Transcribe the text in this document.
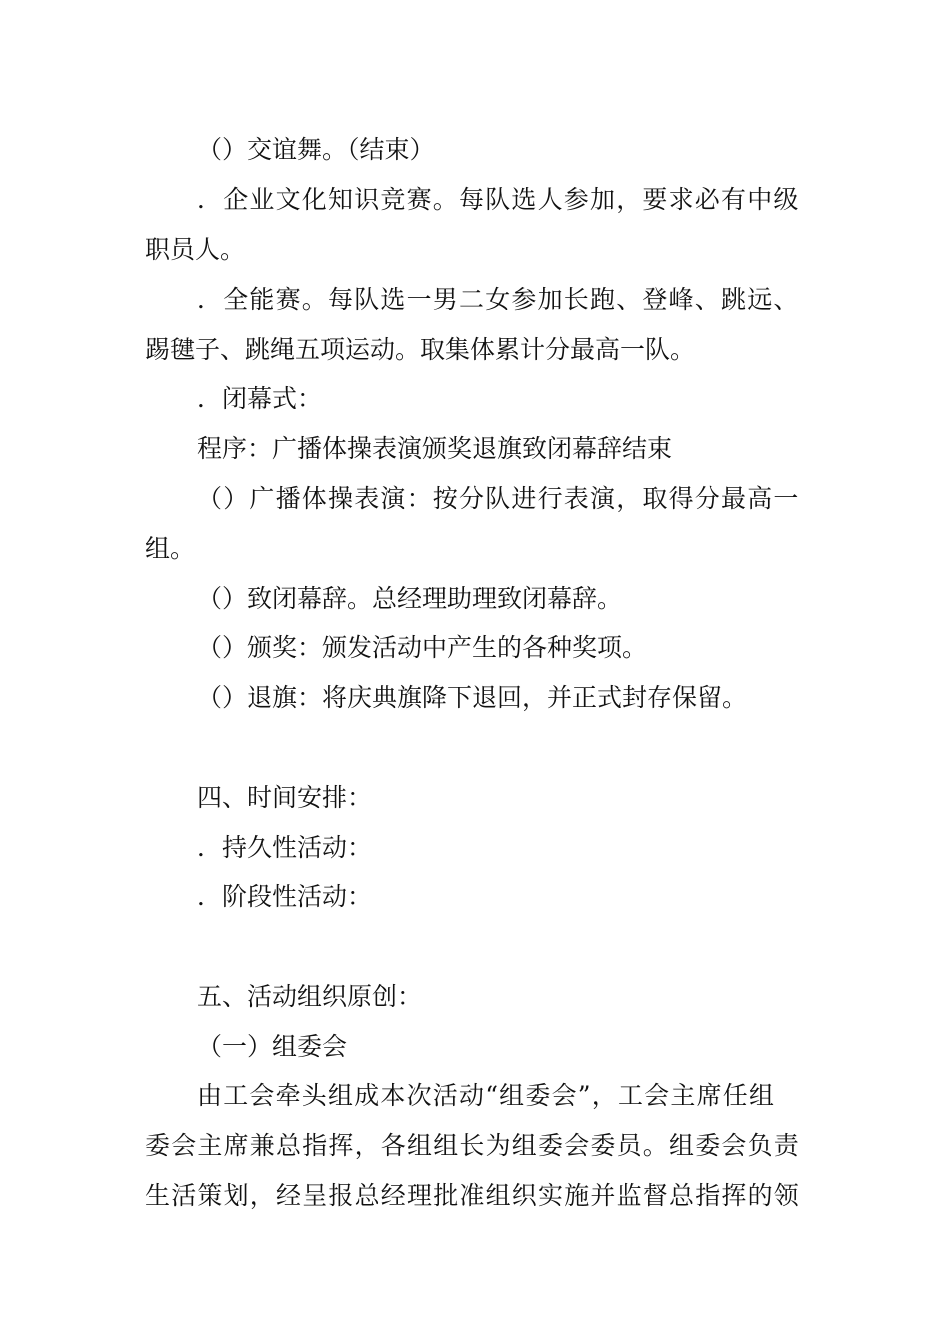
（）交谊舞。（结束）
．企业文化知识竞赛。每队选人参加，要求必有中级
职员人。
．全能赛。每队选一男二女参加长跑、登峰、跳远、
踢毽子、跳绳五项运动。取集体累计分最高一队。
．闭幕式：
程序：广播体操表演颁奖退旗致闭幕辞结束
（）广播体操表演：按分队进行表演，取得分最高一
组。
（）致闭幕辞。总经理助理致闭幕辞。
（）颁奖：颁发活动中产生的各种奖项。
（）退旗：将庆典旗降下退回，并正式封存保留。
四、时间安排：
．持久性活动：
．阶段性活动：
五、活动组织原创：
（一）组委会
由工会牵头组成本次活动“组委会”，工会主席任组
委会主席兼总指挥，各组组长为组委会委员。组委会负责
生活策划，经呈报总经理批准组织实施并监督总指挥的领
